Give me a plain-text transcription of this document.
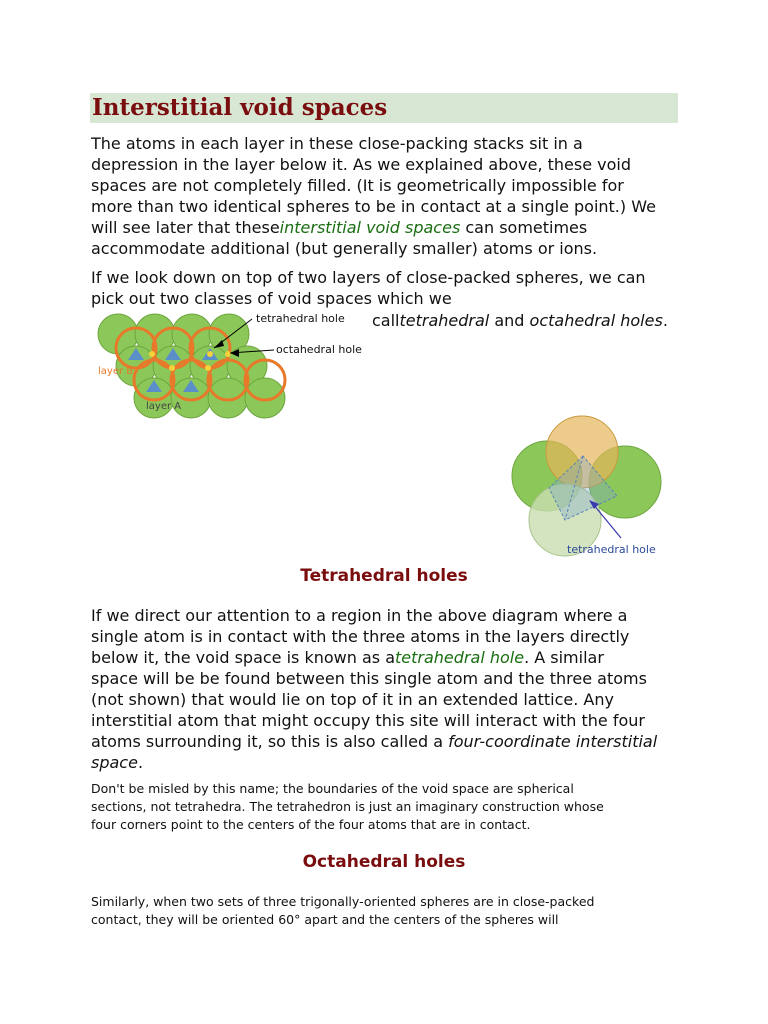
Interstitial void spaces
The atoms in each layer in these close-packing stacks sit in a
depression in the layer below it. As we explained above, these void
spaces are not completely filled. (It is geometrically impossible for
more than two identical spheres to be in contact at a single point.) We
will see later that theseinterstitial void spaces can sometimes
accommodate additional (but generally smaller) atoms or ions.
If we look down on top of two layers of close-packed spheres, we can
pick out two classes of void spaces which we
calltetrahedral and octahedral holes.
tetrahedral hole
octahedral hole
layer B
layer A
tetrahedral hole
Tetrahedral holes
If we direct our attention to a region in the above diagram where a
single atom is in contact with the three atoms in the layers directly
below it, the void space is known as atetrahedral hole. A similar
space will be be found between this single atom and the three atoms
(not shown) that would lie on top of it in an extended lattice. Any
interstitial atom that might occupy this site will interact with the four
atoms surrounding it, so this is also called a four-coordinate interstitial
space.
Don't be misled by this name; the boundaries of the void space are spherical
sections, not tetrahedra. The tetrahedron is just an imaginary construction whose
four corners point to the centers of the four atoms that are in contact.
Octahedral holes
Similarly, when two sets of three trigonally-oriented spheres are in close-packed
contact, they will be oriented 60° apart and the centers of the spheres will
